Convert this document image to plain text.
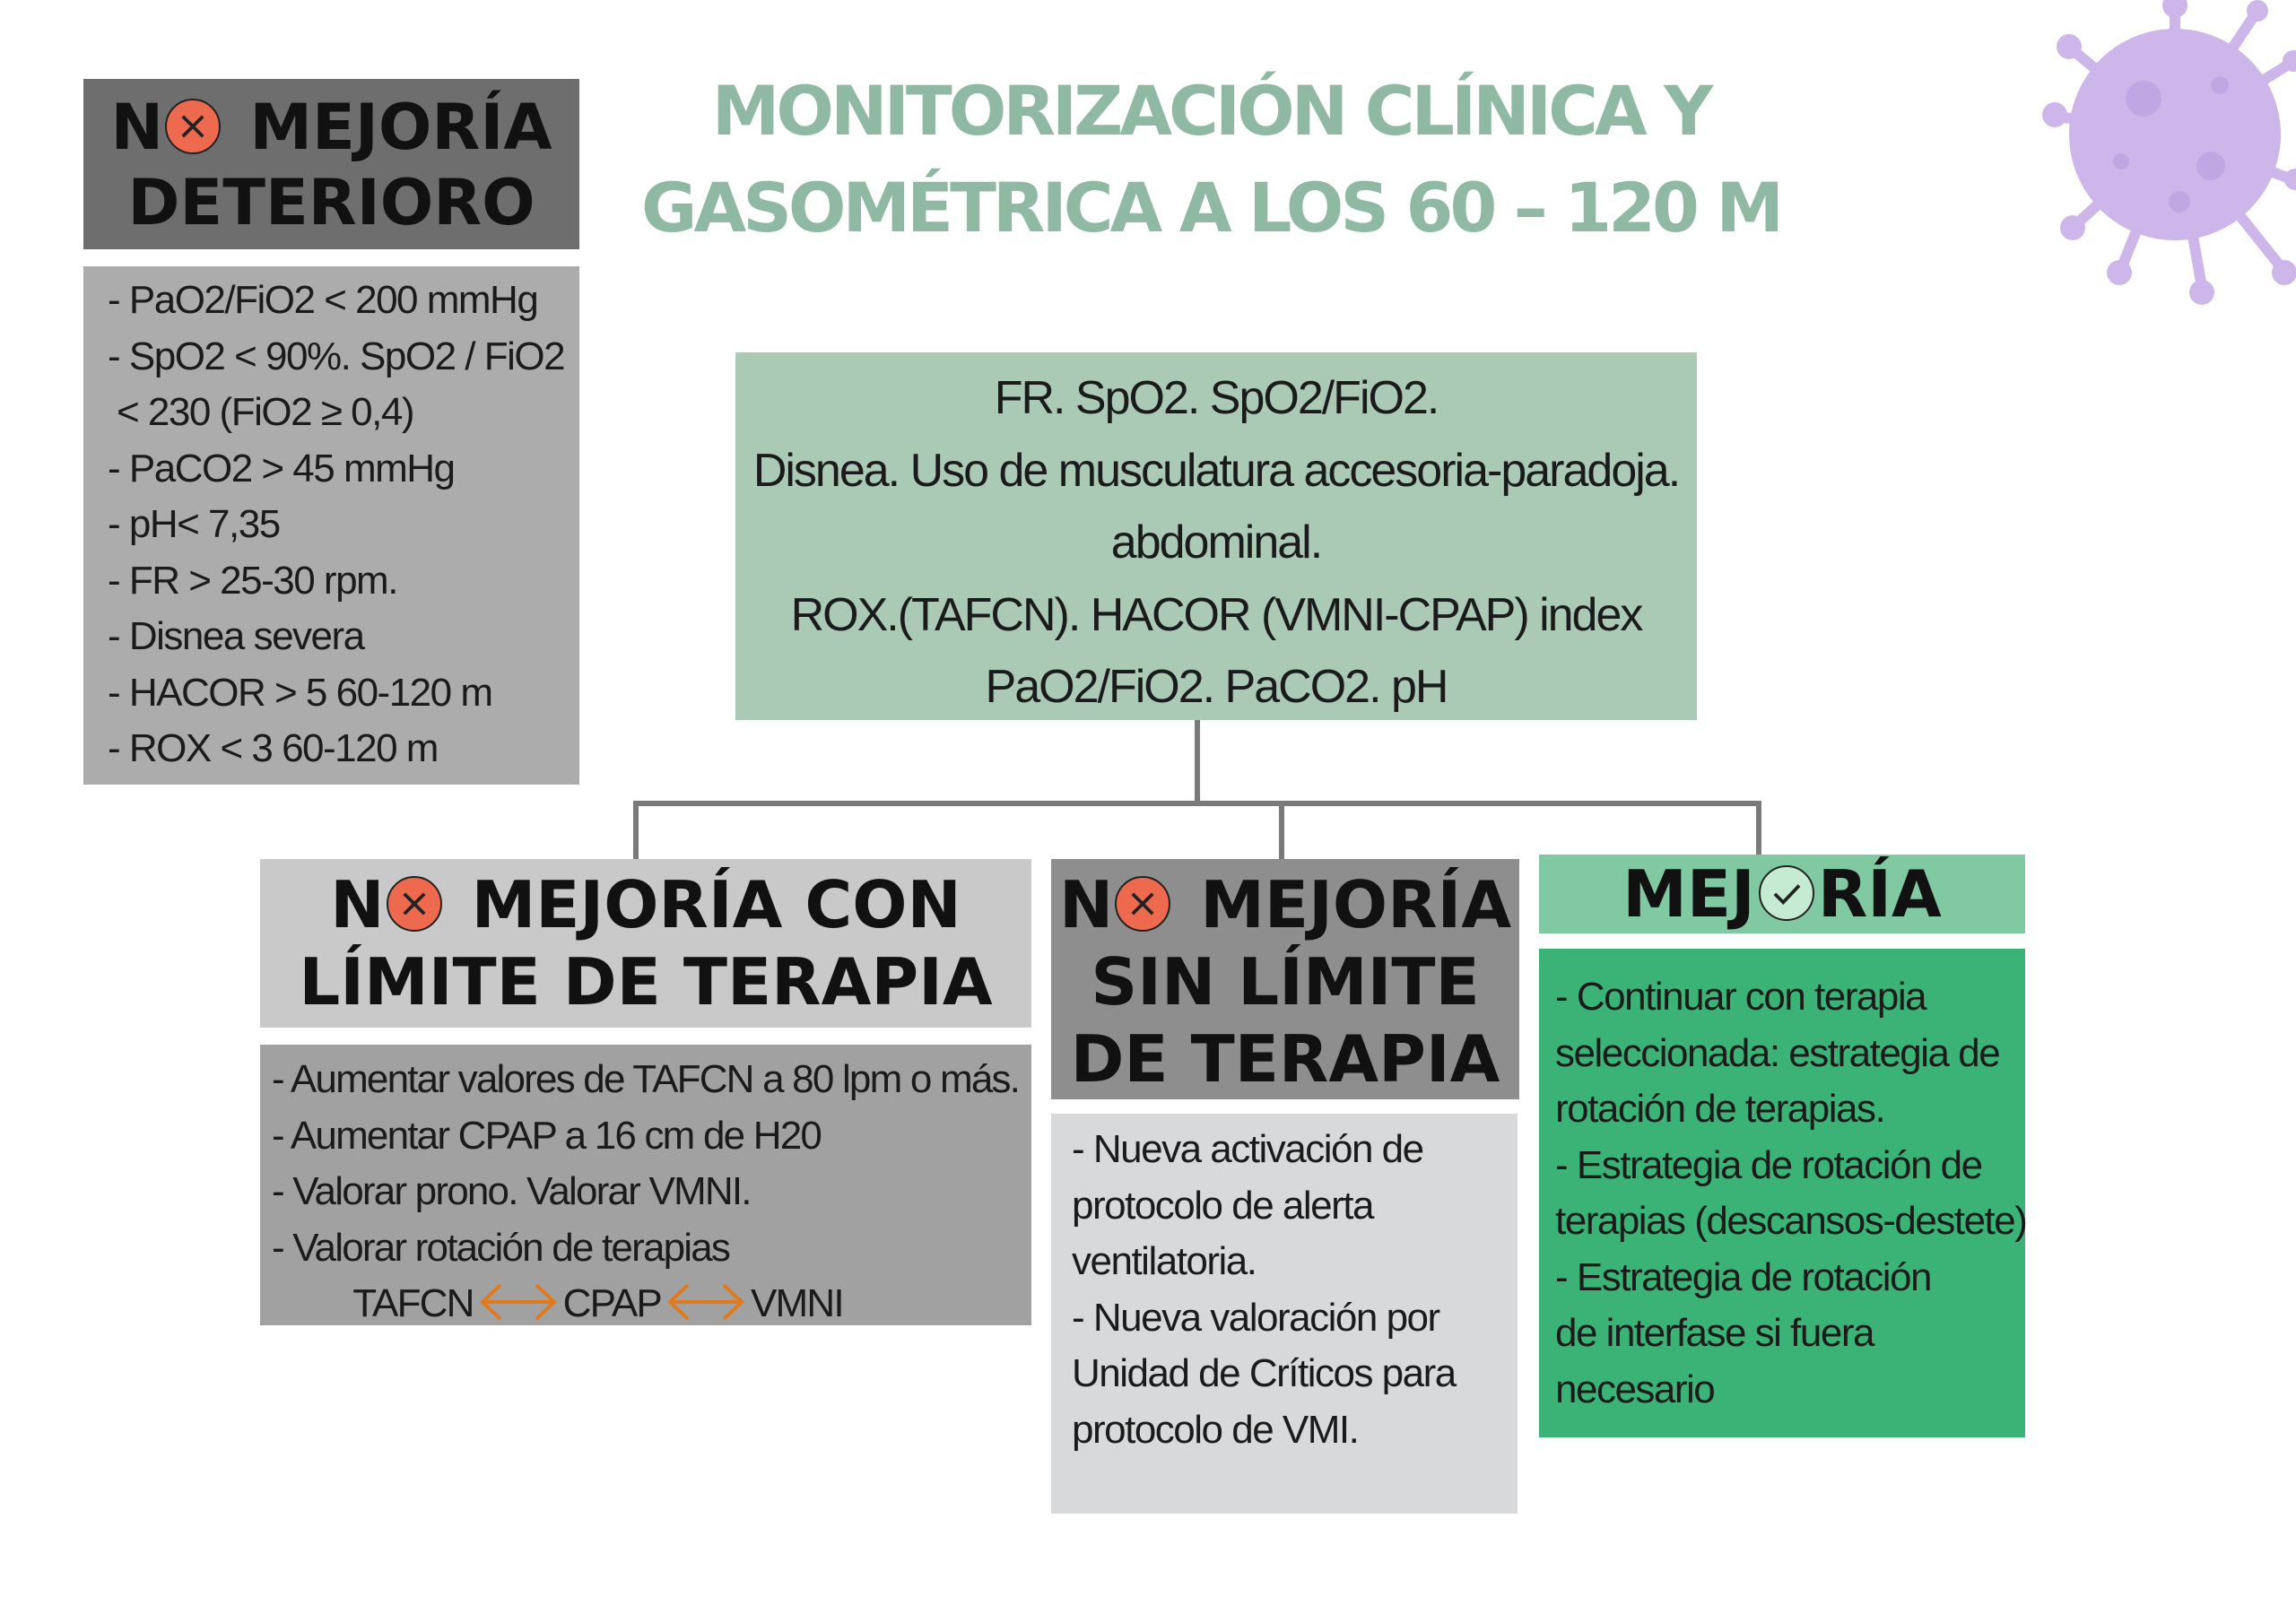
MONITORIZACIÓN CLÍNICA Y
GASOMÉTRICA A LOS 60 – 120 M
N
MEJORÍA
DETERIORO
- PaO2/FiO2 < 200 mmHg
- SpO2 < 90%. SpO2 / FiO2
< 230 (FiO2 ≥ 0,4)
- PaCO2 > 45 mmHg
- pH< 7,35
- FR > 25-30 rpm.
- Disnea severa
- HACOR > 5 60-120 m
- ROX < 3 60-120 m
FR. SpO2. SpO2/FiO2.
Disnea. Uso de musculatura accesoria-paradoja.
abdominal.
ROX.(TAFCN). HACOR (VMNI-CPAP) index
PaO2/FiO2. PaCO2. pH
N
MEJORÍA CON
LÍMITE DE TERAPIA
N
MEJORÍA
SIN LÍMITE
DE TERAPIA
MEJ RÍA
- Aumentar valores de TAFCN a 80 lpm o más.
- Aumentar CPAP a 16 cm de H20
- Valorar prono. Valorar VMNI.
- Valorar rotación de terapias
TAFCN CPAP VMNI
- Nueva activación de
protocolo de alerta
ventilatoria.
- Nueva valoración por
Unidad de Críticos para
protocolo de VMI.
- Continuar con terapia
seleccionada: estrategia de
rotación de terapias.
- Estrategia de rotación de
terapias (descansos-destete)
- Estrategia de rotación
de interfase si fuera
necesario
